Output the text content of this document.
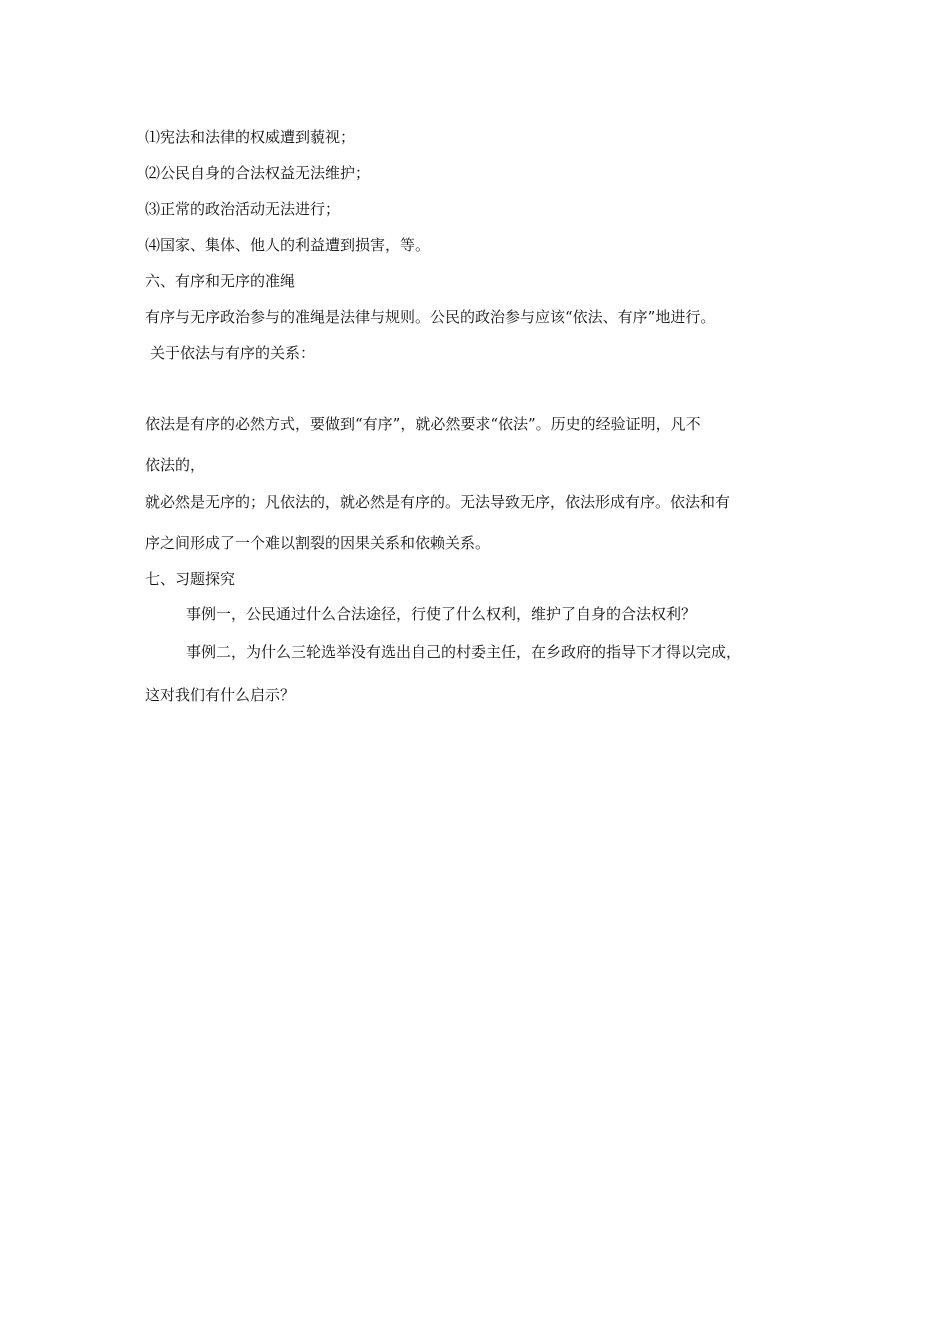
⑴宪法和法律的权威遭到藐视；
⑵公民自身的合法权益无法维护；
⑶正常的政治活动无法进行；
⑷国家、集体、他人的利益遭到损害，等。
六、有序和无序的准绳
有序与无序政治参与的准绳是法律与规则。公民的政治参与应该“依法、有序”地进行。
关于依法与有序的关系：
依法是有序的必然方式，要做到“有序”，就必然要求“依法”。历史的经验证明，凡不
依法的，
就必然是无序的；凡依法的，就必然是有序的。无法导致无序，依法形成有序。依法和有
序之间形成了一个难以割裂的因果关系和依赖关系。
七、习题探究
事例一，公民通过什么合法途径，行使了什么权利，维护了自身的合法权利？
事例二，为什么三轮选举没有选出自己的村委主任，在乡政府的指导下才得以完成，
这对我们有什么启示？
